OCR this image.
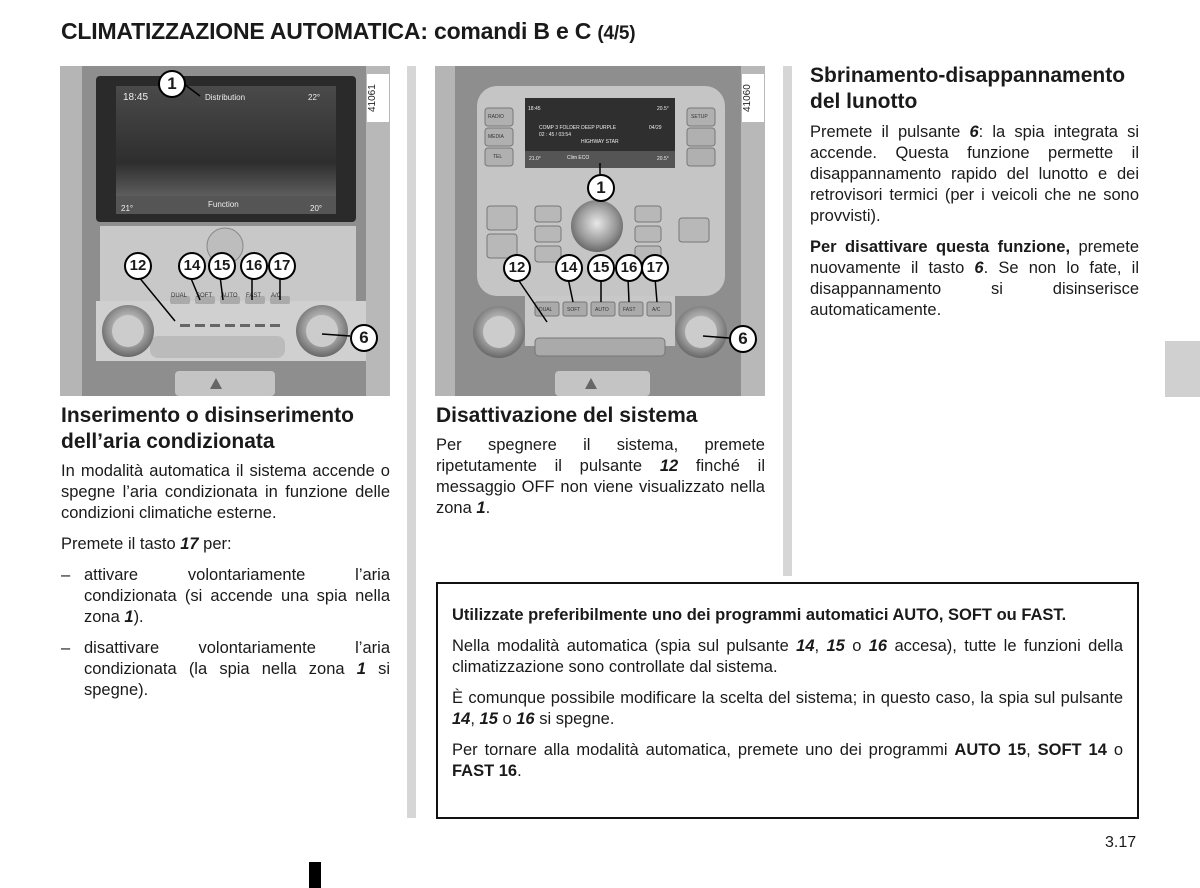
CLIMATIZZAZIONE AUTOMATICA: comandi B e C (4/5)
18:45	Distribution	22°
21°	Function	20°
41061
DUAL SOFT AUTO FAST A/C
1
12	14 15	16 17
6
18:45	20.5°
COMP 3 FOLDER DEEP PURPLE	04/29
02 : 45 / 03:54
HIGHWAY STAR
Clim ECO
21.0°	20.5°
RADIO
MEDIA
TEL
SETUP
41060
DUAL	SOFT	AUTO	FAST	A/C
1
12	14	15 16 17
6
Inserimento o disinserimento dell’aria condizionata

In modalità automatica il sistema accende o spegne l’aria condizionata in funzione delle condizioni climatiche esterne.

Premete il tasto 17 per:

– attivare volontariamente l’aria condizionata (si accende una spia nella zona 1).
– disattivare volontariamente l’aria condizionata (la spia nella zona 1 si spegne).
Disattivazione del sistema

Per spegnere il sistema, premete ripetutamente il pulsante 12 finché il messaggio OFF non viene visualizzato nella zona 1.

Sbrinamento-disappannamento del lunotto

Premete il pulsante 6: la spia integrata si accende. Questa funzione permette il disappannamento rapido del lunotto e dei retrovisori termici (per i veicoli che ne sono provvisti).

Per disattivare questa funzione, premete nuovamente il tasto 6. Se non lo fate, il disappannamento si disinserisce automaticamente.

Utilizzate preferibilmente uno dei programmi automatici AUTO, SOFT ou FAST.

Nella modalità automatica (spia sul pulsante 14, 15 o 16 accesa), tutte le funzioni della climatizzazione sono controllate dal sistema.

È comunque possibile modificare la scelta del sistema; in questo caso, la spia sul pulsante 14, 15 o 16 si spegne.

Per tornare alla modalità automatica, premete uno dei programmi AUTO 15, SOFT 14 o FAST 16.

3.17
